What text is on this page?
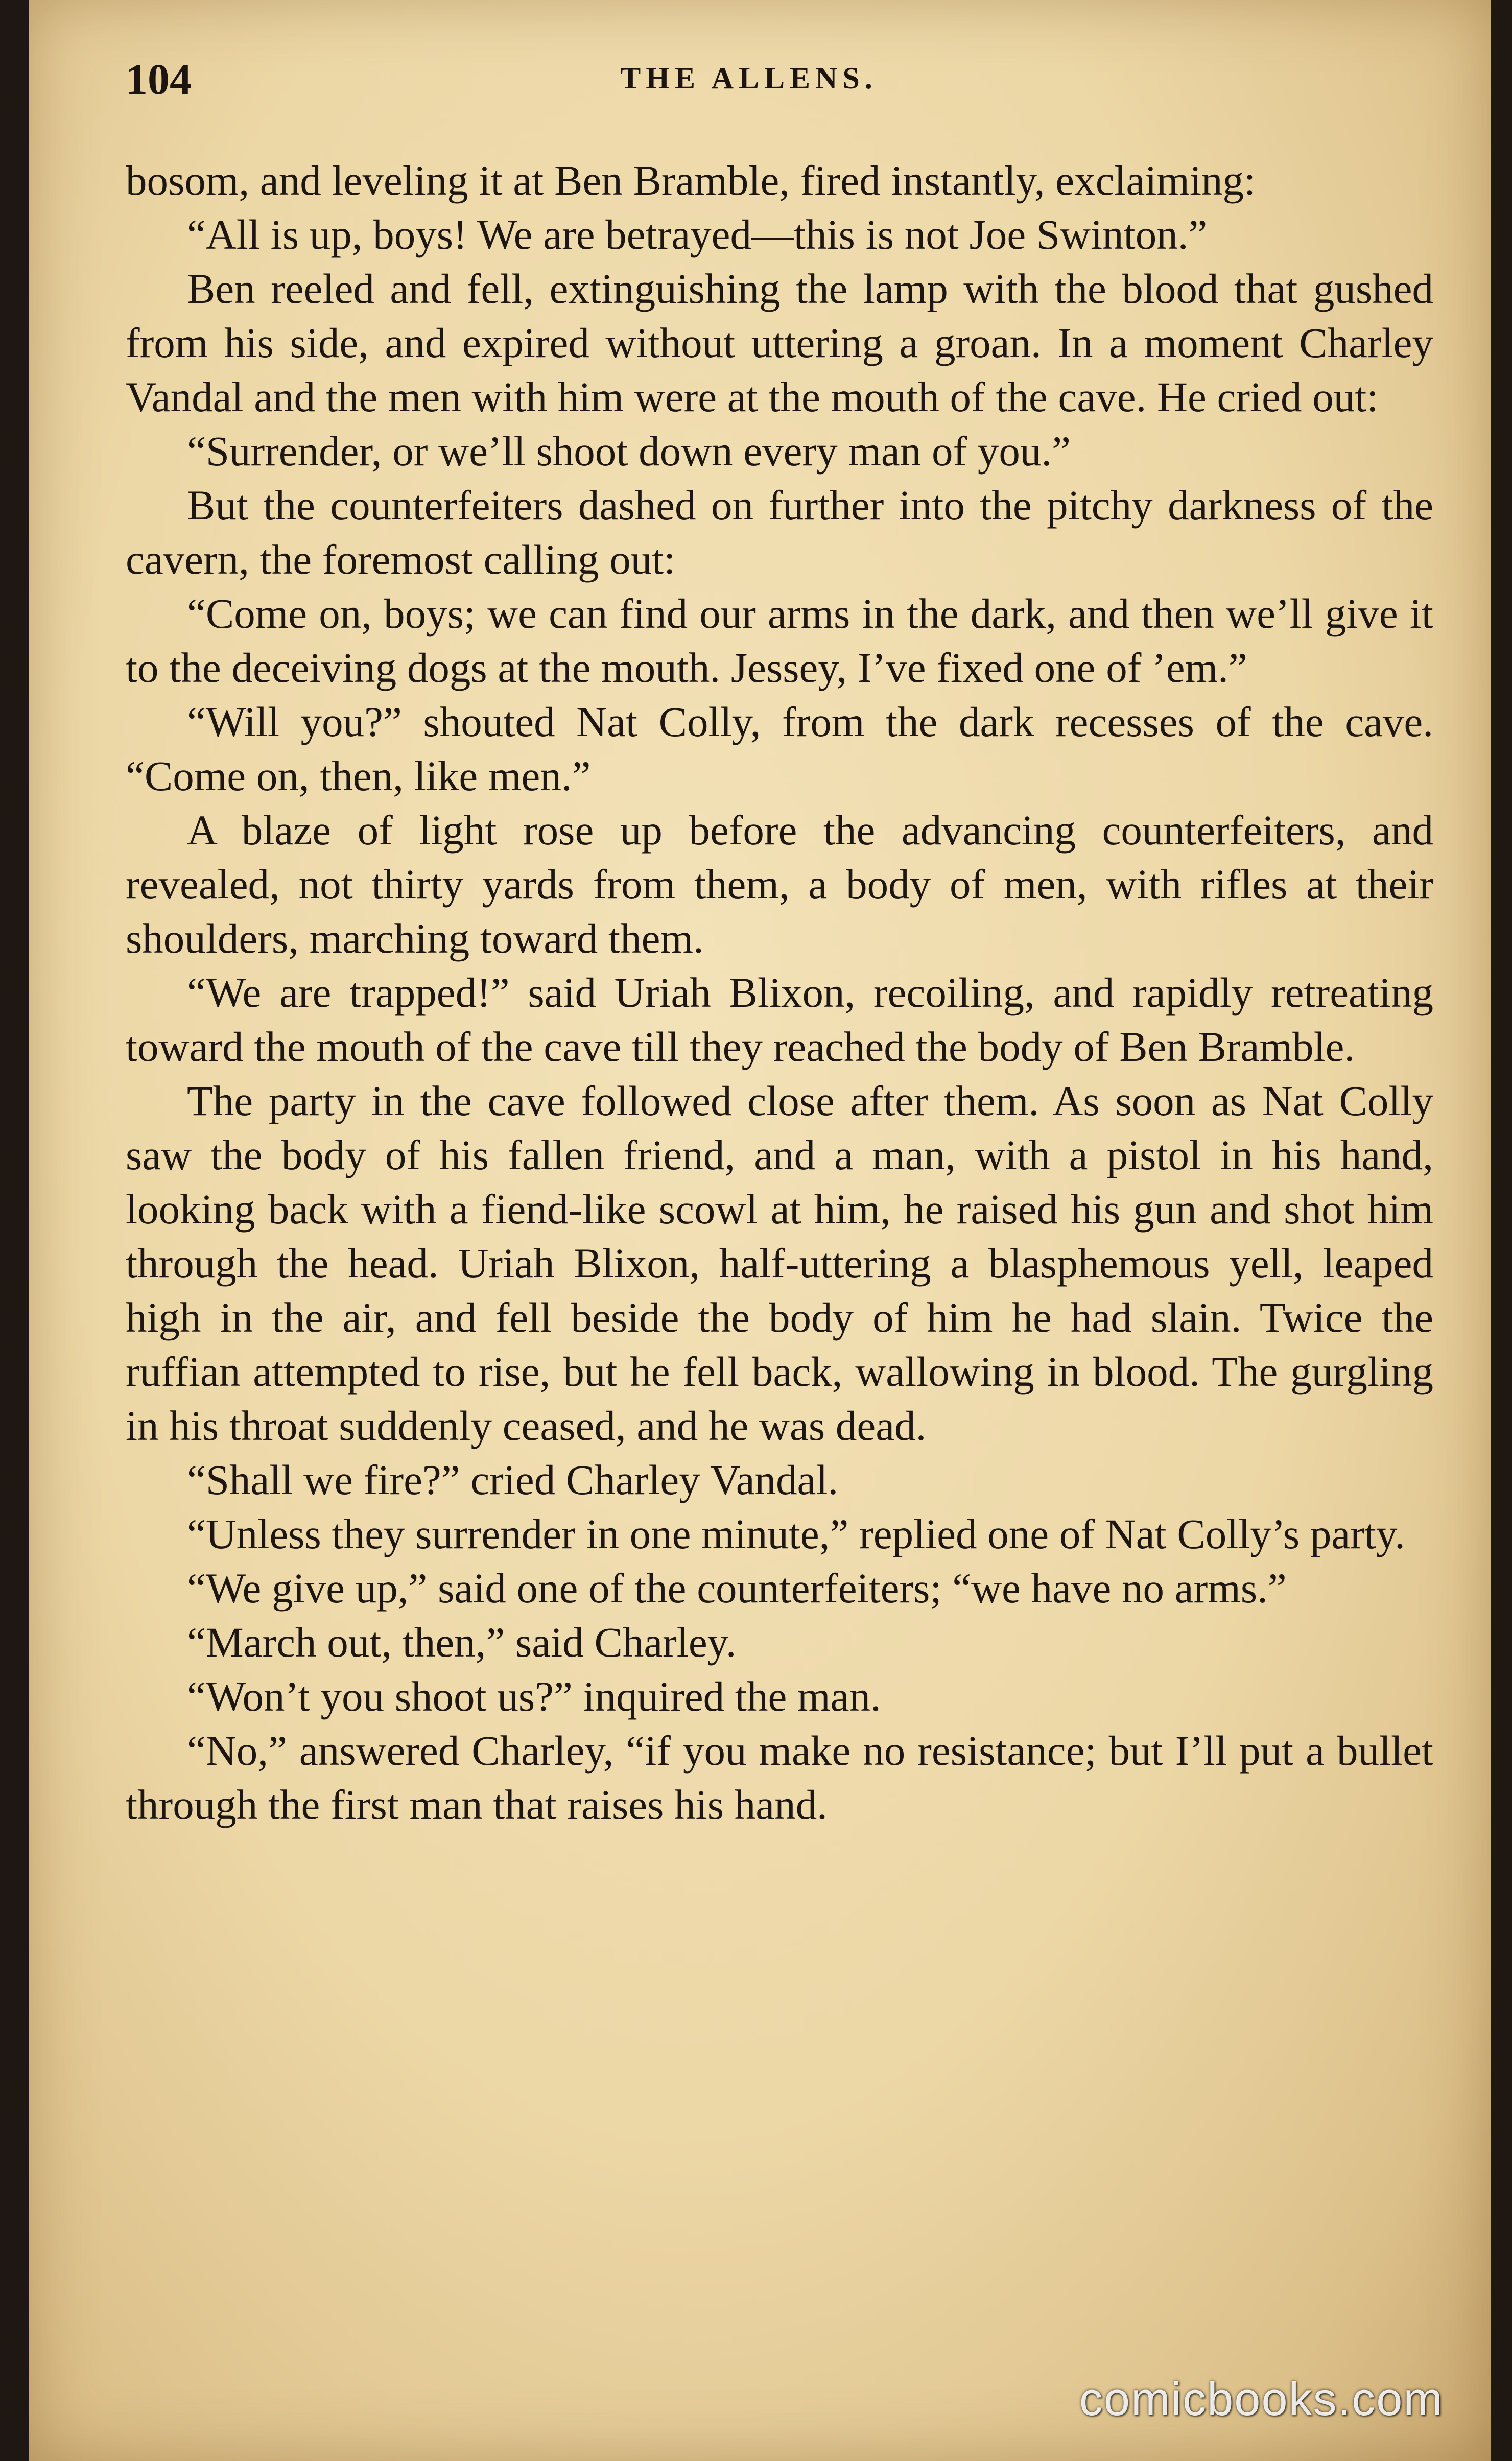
104	THE ALLENS.

bosom, and leveling it at Ben Bramble, fired instantly, exclaiming:

“All is up, boys! We are betrayed—this is not Joe Swinton.”

Ben reeled and fell, extinguishing the lamp with the blood that gushed from his side, and expired without uttering a groan. In a moment Charley Vandal and the men with him were at the mouth of the cave. He cried out:

“Surrender, or we’ll shoot down every man of you.”

But the counterfeiters dashed on further into the pitchy darkness of the cavern, the foremost calling out:

“Come on, boys; we can find our arms in the dark, and then we’ll give it to the deceiving dogs at the mouth. Jessey, I’ve fixed one of ’em.”

“Will you?” shouted Nat Colly, from the dark recesses of the cave. “Come on, then, like men.”

A blaze of light rose up before the advancing counterfeiters, and revealed, not thirty yards from them, a body of men, with rifles at their shoulders, marching toward them.

“We are trapped!” said Uriah Blixon, recoiling, and rapidly retreating toward the mouth of the cave till they reached the body of Ben Bramble.

The party in the cave followed close after them. As soon as Nat Colly saw the body of his fallen friend, and a man, with a pistol in his hand, looking back with a fiend-like scowl at him, he raised his gun and shot him through the head. Uriah Blixon, half-uttering a blasphemous yell, leaped high in the air, and fell beside the body of him he had slain. Twice the ruffian attempted to rise, but he fell back, wallowing in blood. The gurgling in his throat suddenly ceased, and he was dead.

“Shall we fire?” cried Charley Vandal.

“Unless they surrender in one minute,” replied one of Nat Colly’s party.

“We give up,” said one of the counterfeiters; “we have no arms.”

“March out, then,” said Charley.

“Won’t you shoot us?” inquired the man.

“No,” answered Charley, “if you make no resistance; but I’ll put a bullet through the first man that raises his hand.

comicbooks.com
